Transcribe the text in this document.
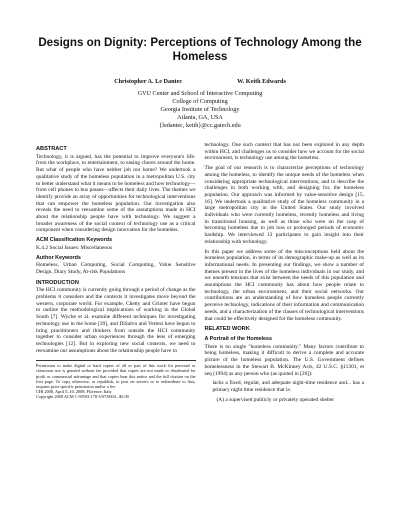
Designs on Dignity: Perceptions of Technology Among the Homeless
Christopher A. Le Dantec	W. Keith Edwards
GVU Center and School of Interactive Computing
College of Computing
Georgia Institute of Technology
Atlanta, GA, USA
{ledantec, keith}@cc.gatech.edu
ABSTRACT

Technology, it is argued, has the potential to improve everyone's life: from the workplace, to entertainment, to easing chores around the home. But what of people who have neither job nor home? We undertook a qualitative study of the homeless population in a metropolitan U.S. city to better understand what it means to be homeless and how technology—from cell phones to bus passes—affects their daily lives. The themes we identify provide an array of opportunities for technological interventions that can empower the homeless population. Our investigation also reveals the need to reexamine some of the assumptions made in HCI about the relationship people have with technology. We suggest a broader awareness of the social context of technology use as a critical component when considering design innovation for the homeless.

ACM Classification Keywords

K.4.2 Social Issues: Miscellaneous

Author Keywords

Homeless, Urban Computing, Social Computing, Value Sensitive Design, Diary Study, At-risk Populations

INTRODUCTION

The HCI community is currently going through a period of change as the problems it considers and the contexts it investigates move beyond the western, corporate world. For example, Chetty and Grinter have begun to outline the methodological implications of working in the Global South [7]. Wyche et al. examine different techniques for investigating technology use in the home [39], and DiSalvo and Vertesi have begun to bring practitioners and thinkers from outside the HCI community together to consider urban experiences through the lens of emerging technologies [12]. But in exploring new social contexts, we need to reexamine our assumptions about the relationship people have to

Permission to make digital or hard copies of all or part of this work for personal or classroom use is granted without fee provided that copies are not made or distributed for profit or commercial advantage and that copies bear this notice and the full citation on the first page. To copy otherwise, or republish, to post on servers or to redistribute to lists, requires prior specific permission and/or a fee.
CHI 2008, April 5–10, 2008, Florence, Italy.
Copyright 2008 ACM 1-59593-178-3/07/0004...$5.00

technology. One such context that has not been explored in any depth within HCI, and challenges us to consider how we account for the social environment, is technology use among the homeless.

The goal of our research is to characterize perceptions of technology among the homeless, to identify the unique needs of the homeless when considering appropriate technological interventions, and to describe the challenges in both working with, and designing for, the homeless population. Our approach was informed by value-sensitive design [15, 16]. We undertook a qualitative study of the homeless community in a large metropolitan city in the United States. Our study involved individuals who were currently homeless, recently homeless and living in transitional housing, as well as those who were on the cusp of becoming homeless due to job loss or prolonged periods of economic hardship. We interviewed 13 participants to gain insight into their relationship with technology.

In this paper we address some of the misconceptions held about the homeless population, in terms of its demographic make-up as well as its informational needs. In presenting our findings, we show a number of themes present in the lives of the homeless individuals in our study, and we unearth tensions that exist between the needs of this population and assumptions the HCI community has about how people relate to technology, the urban environment, and their social networks. Our contributions are an understanding of how homeless people currently perceive technology, indications of their information and communication needs, and a characterization of the classes of technological interventions that could be effectively designed for the homeless community.

RELATED WORK
A Portrait of the Homeless

There is no single "homeless community." Many factors contribute to being homeless, making it difficult to derive a complete and accurate picture of the homeless population. The U.S. Government defines homelessness in the Stewart B. McKinney Acts, 42 U.S.C. §11301, et seq (1994) as any person who (as quoted in [26]):

lacks a fixed, regular, and adequate night-time residence and... has a primary night time residence that is:
(A) a supervised publicly or privately operated shelter
